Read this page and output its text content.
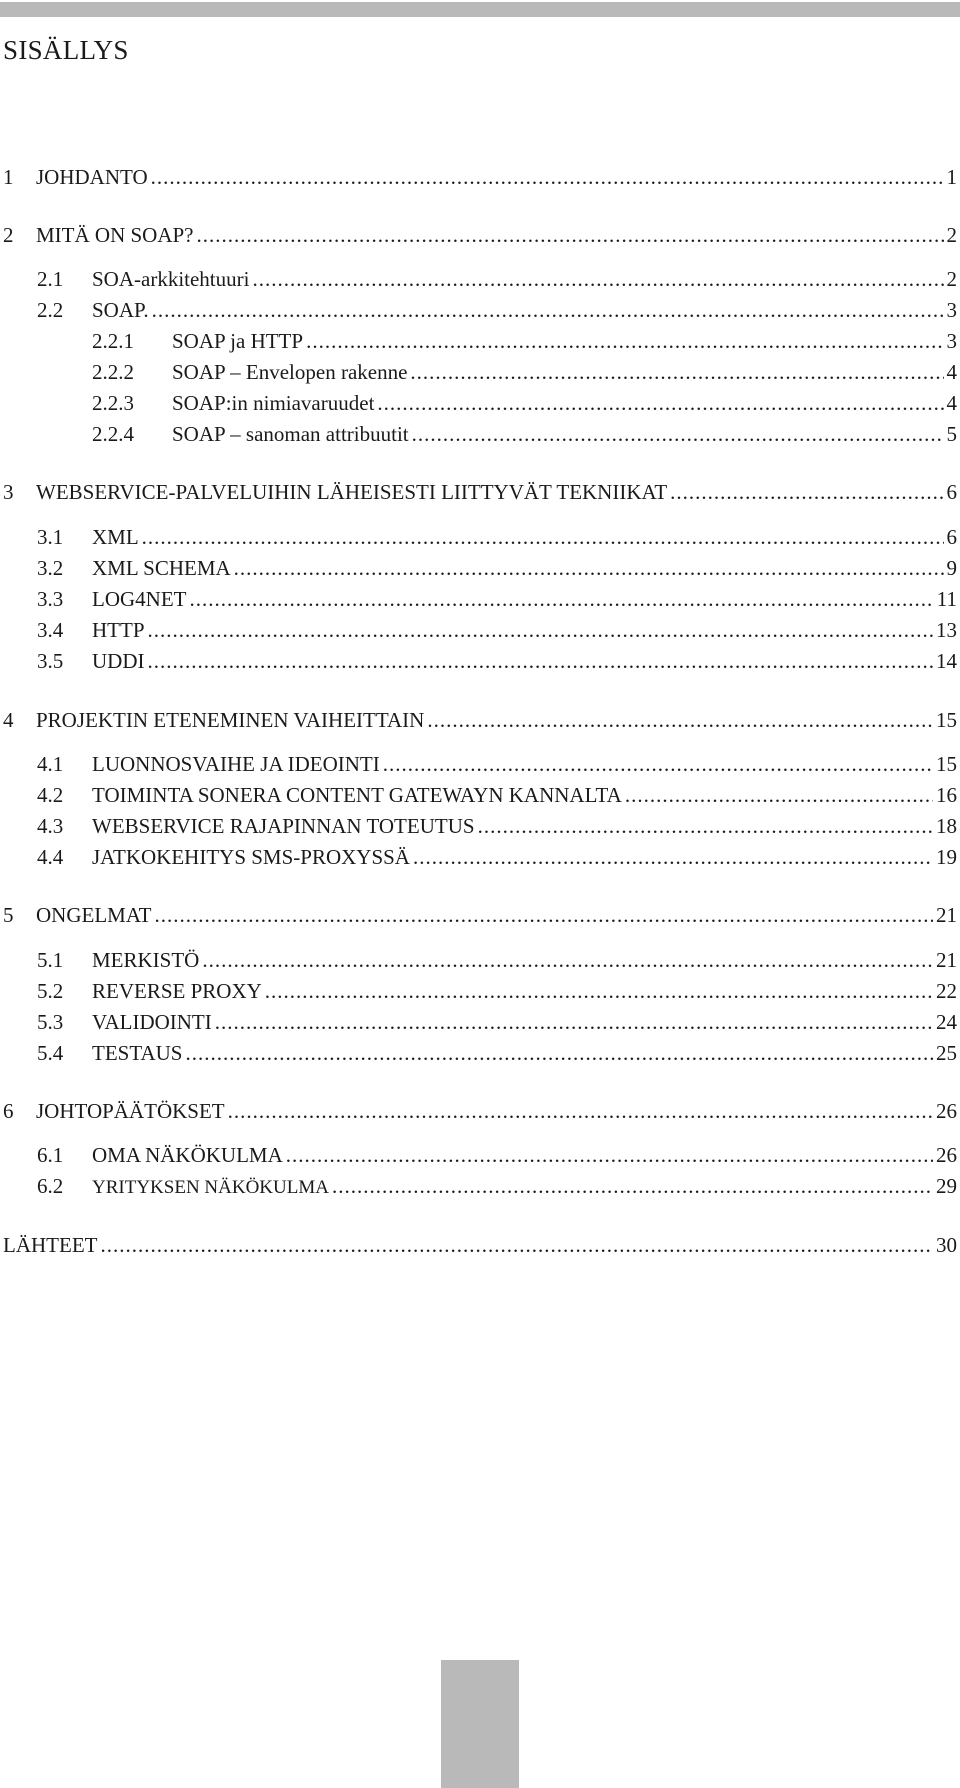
SISÄLLYS
1	JOHDANTO .....	1
2	MITÄ ON SOAP? .....	2
2.1	SOA-arkkitehtuuri .....	2
2.2	SOAP. .....	3
2.2.1	SOAP ja HTTP .....	3
2.2.2	SOAP – Envelopen rakenne .....	4
2.2.3	SOAP:in nimiavaruudet .....	4
2.2.4	SOAP – sanoman attribuutit .....	5
3	WEBSERVICE-PALVELUIHIN LÄHEISESTI LIITTYVÄT TEKNIIKAT .....	6
3.1	XML .....	6
3.2	XML SCHEMA .....	9
3.3	LOG4NET .....	11
3.4	HTTP .....	13
3.5	UDDI .....	14
4	PROJEKTIN ETENEMINEN VAIHEITTAIN .....	15
4.1	LUONNOSVAIHE JA IDEOINTI .....	15
4.2	TOIMINTA SONERA CONTENT GATEWAYN KANNALTA .....	16
4.3	WEBSERVICE RAJAPINNAN TOTEUTUS .....	18
4.4	JATKOKEHITYS SMS-PROXYSSÄ .....	19
5	ONGELMAT .....	21
5.1	MERKISTÖ .....	21
5.2	REVERSE PROXY .....	22
5.3	VALIDOINTI .....	24
5.4	TESTAUS .....	25
6	JOHTOPÄÄTÖKSET .....	26
6.1	OMA NÄKÖKULMA .....	26
6.2	YRITYKSEN NÄKÖKULMA .....	29
LÄHTEET .....	30
